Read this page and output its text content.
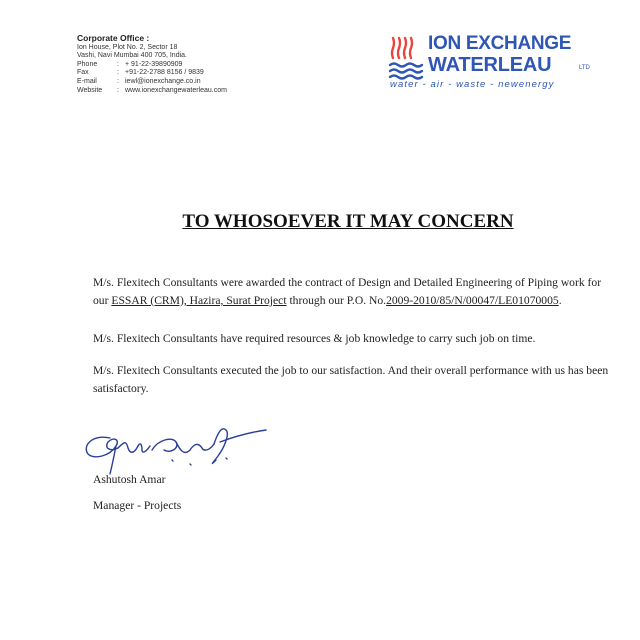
Corporate Office :
Ion House, Plot No. 2, Sector 18
Vashi, Navi Mumbai 400 705, India.
Phone	: + 91-22-39890909
Fax	: +91-22-2788 8156 / 9839
E-mail	: iewl@ionexchange.co.in
Website	: www.ionexchangewaterleau.com
ION EXCHANGE
WATERLEAU	LTD
water - air - waste - newenergy
TO WHOSOEVER IT MAY CONCERN
M/s. Flexitech Consultants were awarded the contract of Design and Detailed Engineering of Piping work for our ESSAR (CRM), Hazira, Surat Project through our P.O. No.2009-2010/85/N/00047/LE01070005.
M/s. Flexitech Consultants have required resources & job knowledge to carry such job on time.
M/s. Flexitech Consultants executed the job to our satisfaction. And their overall performance with us has been satisfactory.
Ashutosh Amar
Manager - Projects
